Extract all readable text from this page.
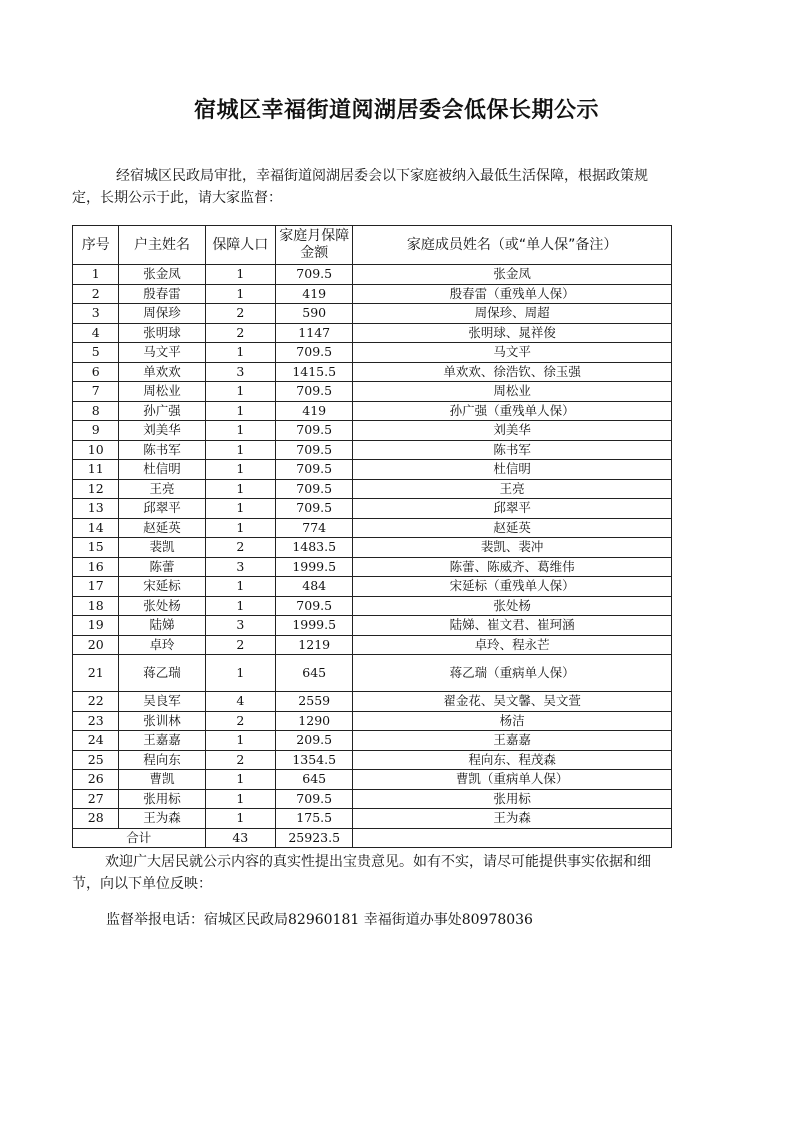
宿城区幸福街道阅湖居委会低保长期公示
经宿城区民政局审批，幸福街道阅湖居委会以下家庭被纳入最低生活保障，根据政策规定，长期公示于此，请大家监督：
序号	户主姓名	保障人口	家庭月保障金额	家庭成员姓名（或“单人保”备注）
1	张金凤	1	709.5	张金凤
2	殷春雷	1	419	殷春雷（重残单人保）
3	周保珍	2	590	周保珍、周超
4	张明球	2	1147	张明球、晁祥俊
5	马文平	1	709.5	马文平
6	单欢欢	3	1415.5	单欢欢、徐浩钦、徐玉强
7	周松业	1	709.5	周松业
8	孙广强	1	419	孙广强（重残单人保）
9	刘美华	1	709.5	刘美华
10	陈书军	1	709.5	陈书军
11	杜信明	1	709.5	杜信明
12	王亮	1	709.5	王亮
13	邱翠平	1	709.5	邱翠平
14	赵延英	1	774	赵延英
15	裴凯	2	1483.5	裴凯、裴冲
16	陈蕾	3	1999.5	陈蕾、陈威齐、葛维伟
17	宋延标	1	484	宋延标（重残单人保）
18	张处杨	1	709.5	张处杨
19	陆娣	3	1999.5	陆娣、崔文君、崔珂涵
20	卓玲	2	1219	卓玲、程永芒
21	蒋乙瑞	1	645	蒋乙瑞（重病单人保）
22	吴良军	4	2559	翟金花、吴文馨、吴文萱
23	张训林	2	1290	杨洁
24	王嘉嘉	1	209.5	王嘉嘉
25	程向东	2	1354.5	程向东、程茂森
26	曹凯	1	645	曹凯（重病单人保）
27	张用标	1	709.5	张用标
28	王为森	1	175.5	王为森
合计		43	25923.5	
欢迎广大居民就公示内容的真实性提出宝贵意见。如有不实，请尽可能提供事实依据和细节，向以下单位反映：
监督举报电话：宿城区民政局82960181 幸福街道办事处80978036
